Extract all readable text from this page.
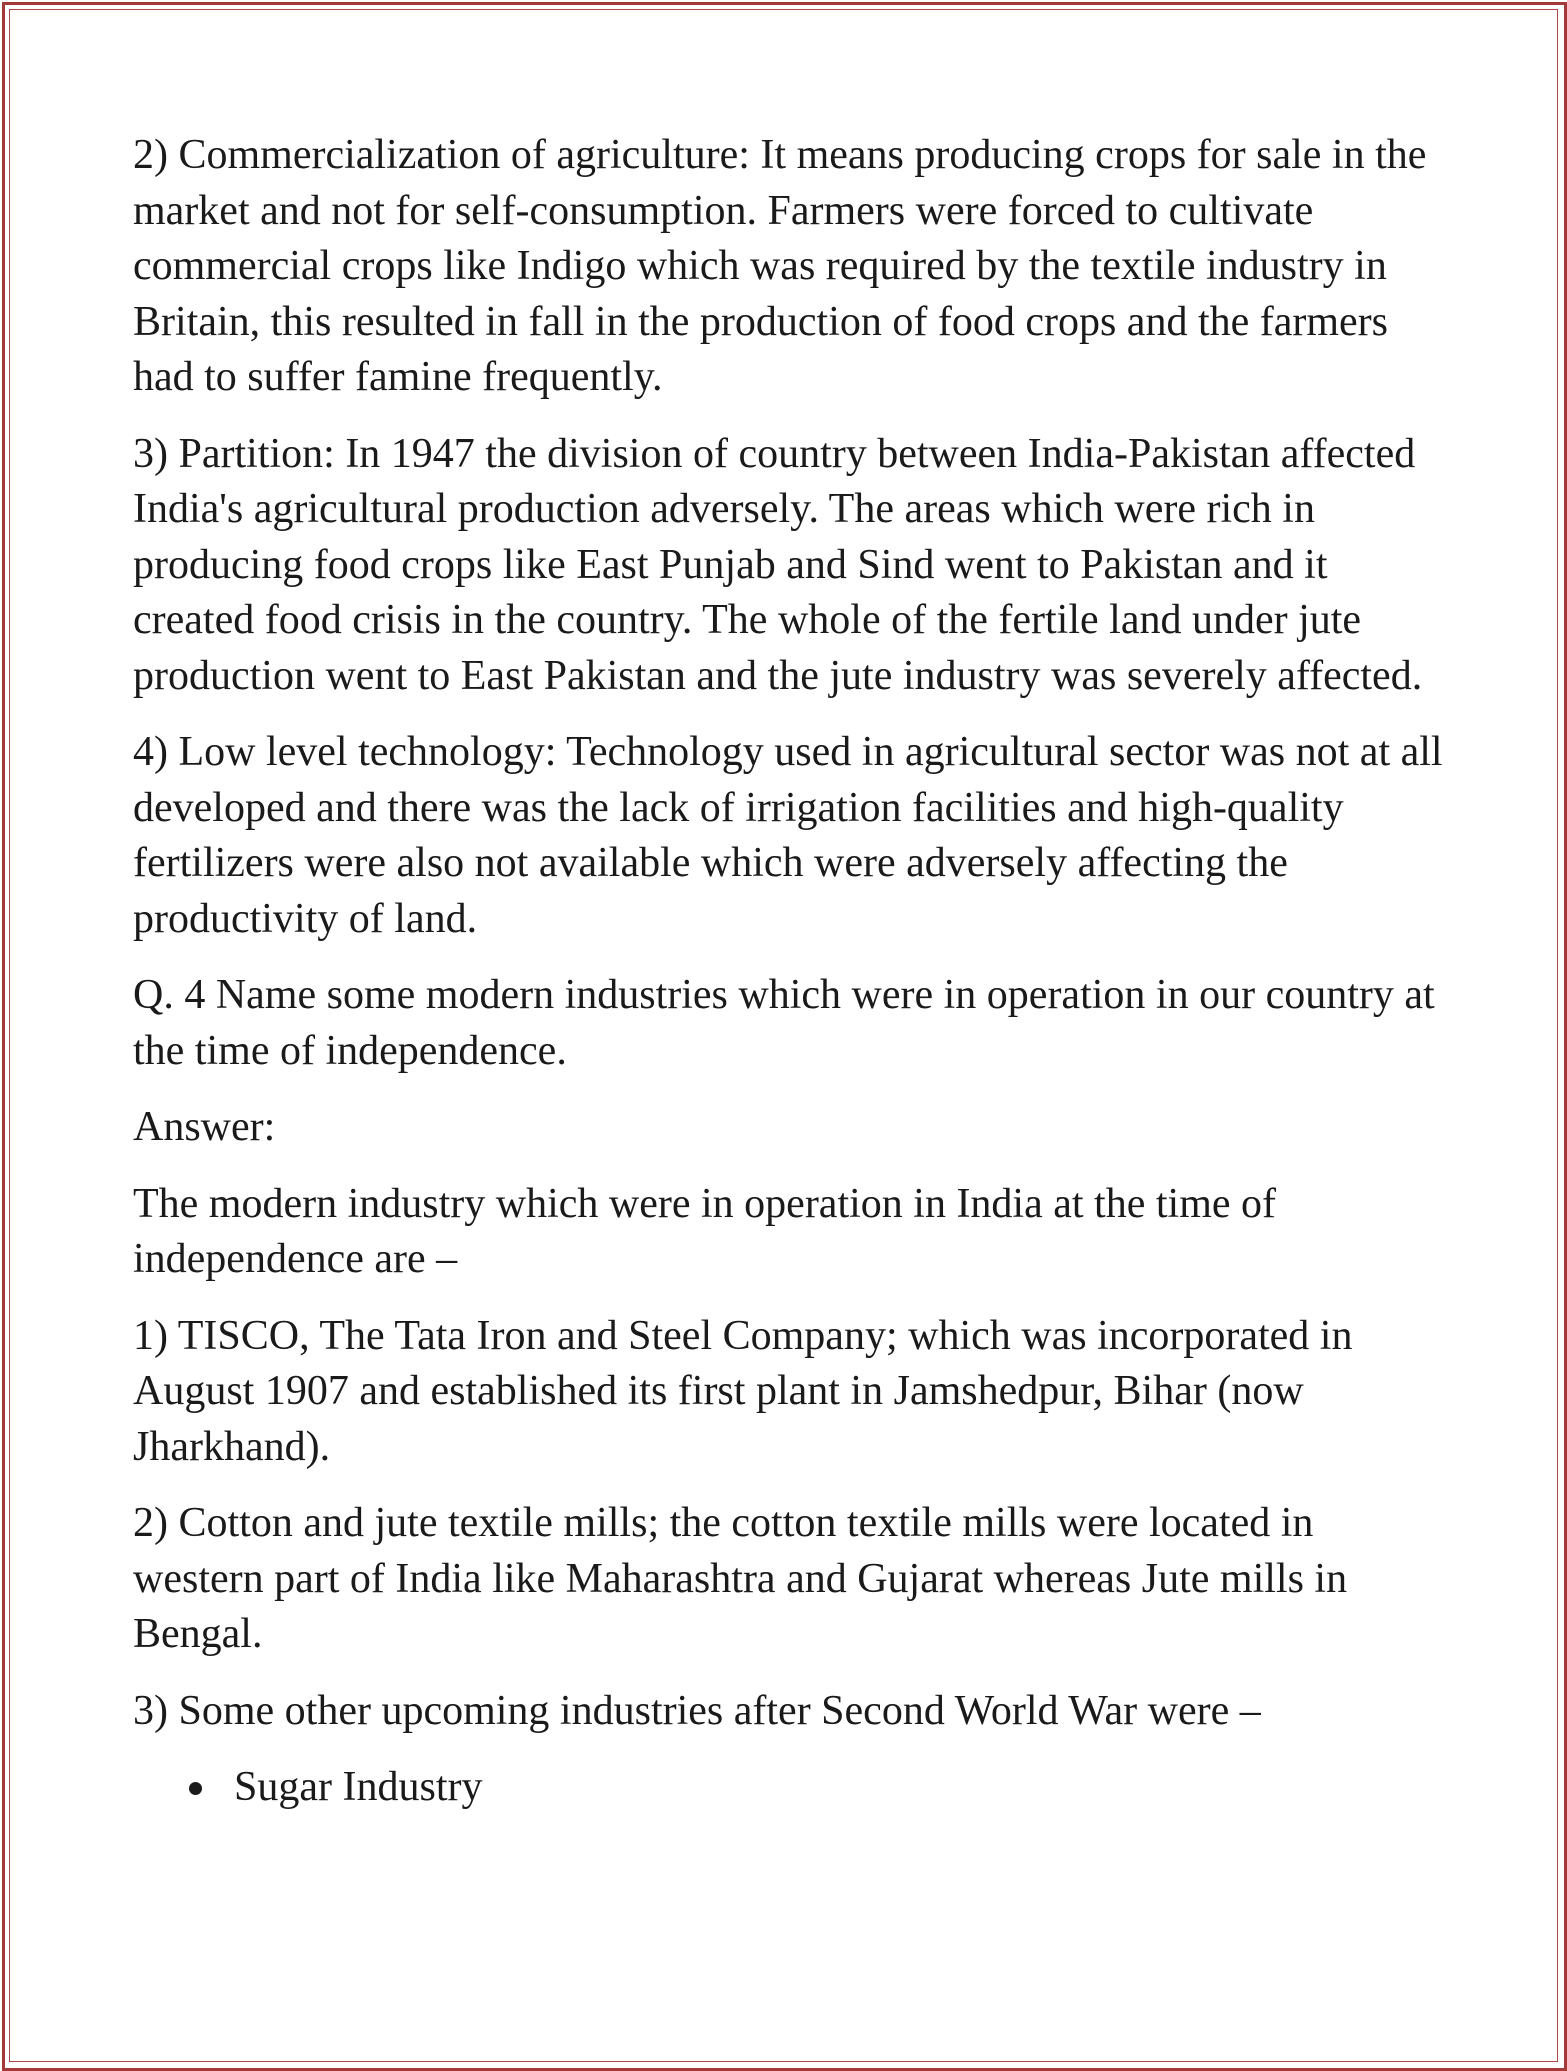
2) Commercialization of agriculture: It means producing crops for sale in the market and not for self-consumption. Farmers were forced to cultivate commercial crops like Indigo which was required by the textile industry in Britain, this resulted in fall in the production of food crops and the farmers had to suffer famine frequently.

3) Partition: In 1947 the division of country between India-Pakistan affected India's agricultural production adversely. The areas which were rich in producing food crops like East Punjab and Sind went to Pakistan and it created food crisis in the country. The whole of the fertile land under jute production went to East Pakistan and the jute industry was severely affected.

4) Low level technology: Technology used in agricultural sector was not at all developed and there was the lack of irrigation facilities and high-quality fertilizers were also not available which were adversely affecting the productivity of land.

Q. 4 Name some modern industries which were in operation in our country at the time of independence.

Answer:

The modern industry which were in operation in India at the time of independence are –

1) TISCO, The Tata Iron and Steel Company; which was incorporated in August 1907 and established its first plant in Jamshedpur, Bihar (now Jharkhand).

2) Cotton and jute textile mills; the cotton textile mills were located in western part of India like Maharashtra and Gujarat whereas Jute mills in Bengal.

3) Some other upcoming industries after Second World War were –

Sugar Industry
